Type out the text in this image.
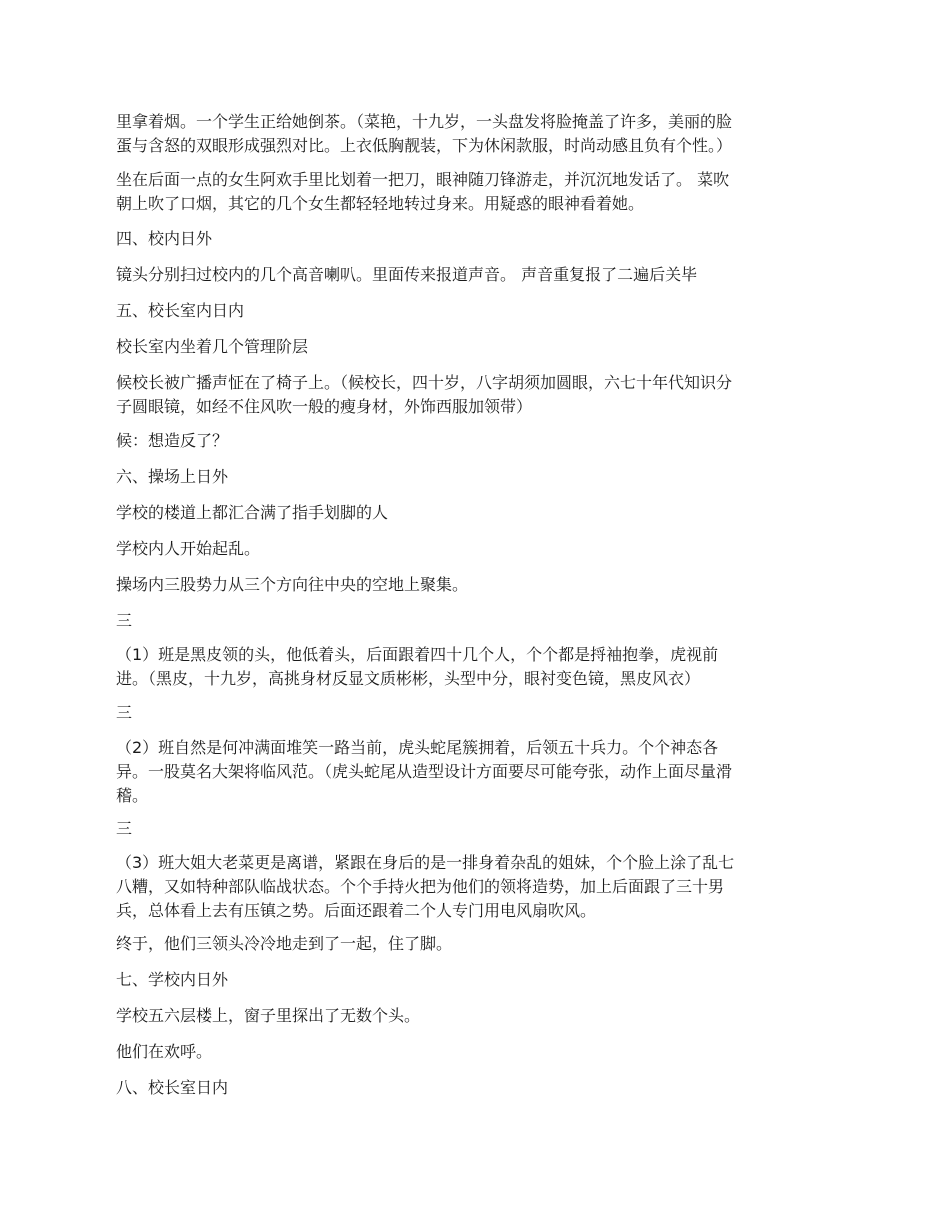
里拿着烟。一个学生正给她倒茶。（菜艳，十九岁，一头盘发将脸掩盖了许多，美丽的脸
蛋与含怒的双眼形成强烈对比。上衣低胸靓装，下为休闲款服，时尚动感且负有个性。）
坐在后面一点的女生阿欢手里比划着一把刀，眼神随刀锋游走，并沉沉地发话了。 菜吹
朝上吹了口烟，其它的几个女生都轻轻地转过身来。用疑惑的眼神看着她。
四、校内日外
镜头分别扫过校内的几个高音喇叭。里面传来报道声音。 声音重复报了二遍后关毕
五、校长室内日内
校长室内坐着几个管理阶层
候校长被广播声怔在了椅子上。（候校长，四十岁，八字胡须加圆眼，六七十年代知识分
子圆眼镜，如经不住风吹一般的瘦身材，外饰西服加领带）
候：想造反了？
六、操场上日外
学校的楼道上都汇合满了指手划脚的人
学校内人开始起乱。
操场内三股势力从三个方向往中央的空地上聚集。
三
（1）班是黑皮领的头，他低着头，后面跟着四十几个人，个个都是捋袖抱拳，虎视前
进。（黑皮，十九岁，高挑身材反显文质彬彬，头型中分，眼衬变色镜，黑皮风衣）
三
（2）班自然是何冲满面堆笑一路当前，虎头蛇尾簇拥着，后领五十兵力。个个神态各
异。一股莫名大架将临风范。（虎头蛇尾从造型设计方面要尽可能夸张，动作上面尽量滑
稽。
三
（3）班大姐大老菜更是离谱，紧跟在身后的是一排身着杂乱的姐妹，个个脸上涂了乱七
八糟，又如特种部队临战状态。个个手持火把为他们的领将造势，加上后面跟了三十男
兵，总体看上去有压镇之势。后面还跟着二个人专门用电风扇吹风。
终于，他们三领头冷冷地走到了一起，住了脚。
七、学校内日外
学校五六层楼上，窗子里探出了无数个头。
他们在欢呼。
八、校长室日内
